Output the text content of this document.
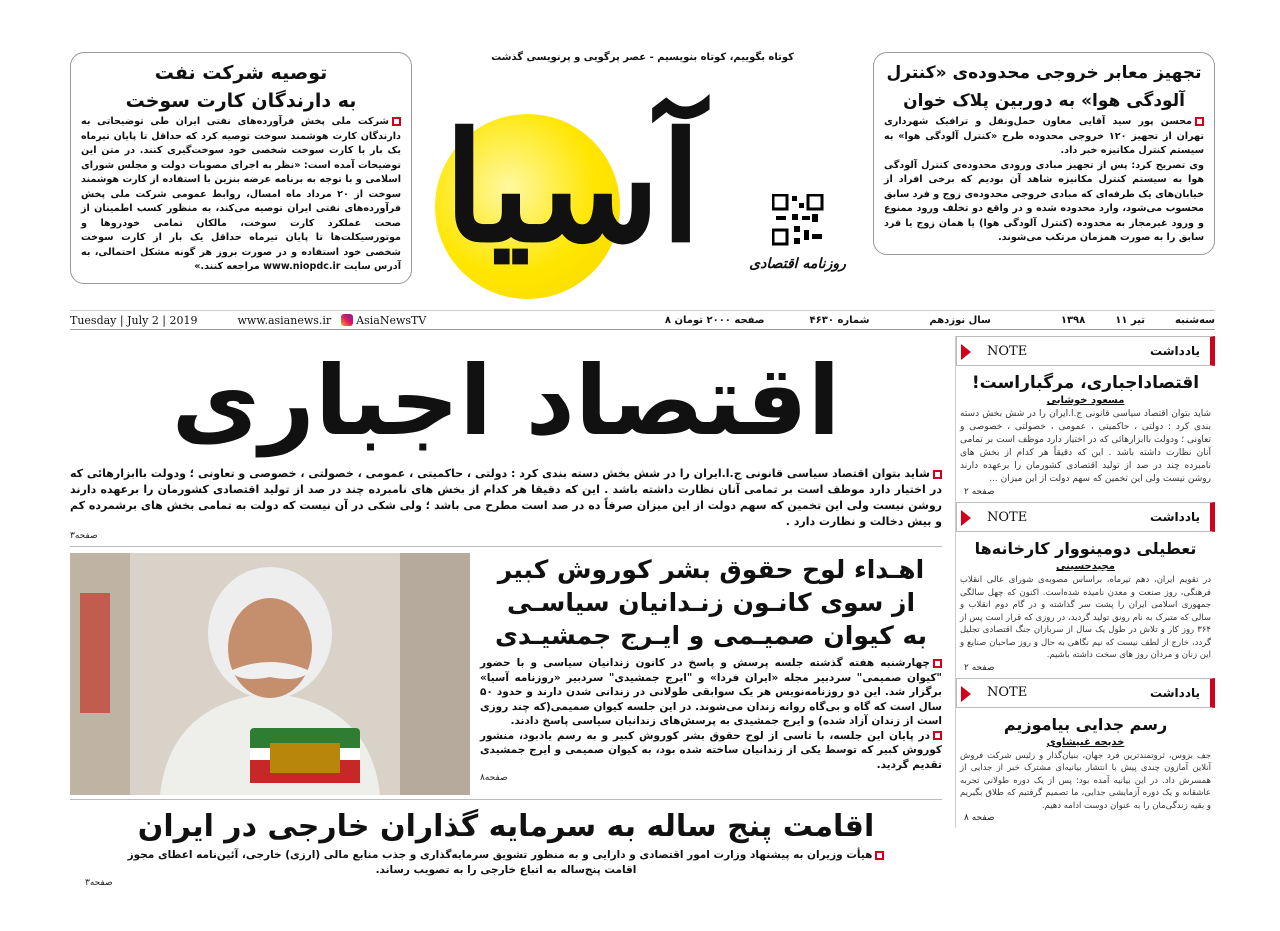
توصیه شرکت نفت
به دارندگان کارت سوخت

شرکت ملی پخش فرآورده‌های نفتی ایران طی توضیحاتی به دارندگان کارت هوشمند سوخت توصیه کرد که حداقل تا پایان تیرماه یک بار با کارت سوخت شخصی خود سوخت‌گیری کنند. در متن این توضیحات آمده است: «نظر به اجرای مصوبات دولت و مجلس شورای اسلامی و با توجه به برنامه عرضه بنزین با استفاده از کارت هوشمند سوخت از ۲۰ مرداد ماه امسال، روابط عمومی شرکت ملی پخش فرآورده‌های نفتی ایران توصیه می‌کند، به منظور کسب اطمینان از صحت عملکرد کارت سوخت، مالکان تمامی خودروها و موتورسیکلت‌ها تا پایان تیرماه حداقل یک بار از کارت سوخت شخصی خود استفاده و در صورت بروز هر گونه مشکل احتمالی، به آدرس سایت www.niopdc.ir مراجعه کنند.»

کوتاه بگوییم، کوتاه بنویسیم - عصر پرگویی و پرنویسی گذشت
آسیا	روزنامه اقتصادی
تجهیز معابر خروجی محدوده‌ی «کنترل
آلودگی هوا» به دوربین پلاک خوان

محسن پور سید آقایی معاون حمل‌ونقل و ترافیک شهرداری تهران از تجهیز ۱۲۰ خروجی محدوده طرح «کنترل آلودگی هوا» به سیستم کنترل مکانیزه خبر داد.

وی تصریح کرد: پس از تجهیز مبادی ورودی محدوده‌ی کنترل آلودگی هوا به سیستم کنترل مکانیزه شاهد آن بودیم که برخی افراد از خیابان‌های یک طرفه‌ای که مبادی خروجی محدوده‌ی زوج و فرد سابق محسوب می‌شود، وارد محدوده شده و در واقع دو تخلف ورود ممنوع و ورود غیرمجاز به محدوده (کنترل آلودگی هوا) یا همان زوج یا فرد سابق را به صورت همزمان مرتکب می‌شوند.

Tuesday | July 2 | 2019	www.asianews.ir AsiaNewsTV	۸ صفحه ۲۰۰۰ تومان	شماره ۴۶۳۰	سال نوزدهم	۱۳۹۸	۱۱ تیر	سه‌شنبه
اقتصاد اجباری
شاید بتوان اقتصاد سیاسی قانونی ج.ا.ایران را در شش بخش دسته بندی کرد : دولتی ، حاکمیتی ، عمومی ، خصولتی ، خصوصی و تعاونی ؛ ودولت باابزارهائی که در اختیار دارد موظف است بر تمامی آنان نظارت داشته باشد . این که دقیقا هر کدام از بخش های نامبرده چند در صد از تولید اقتصادی کشورمان را برعهده دارند روشن نیست ولی این تخمین که سهم دولت از این میزان صرفاً ده در صد است مطرح می باشد ؛ ولی شکی در آن نیست که دولت به تمامی بخش های برشمرده کم و بیش دخالت و نظارت دارد .
صفحه۳
اهـداء لوح حقوق بشر کوروش کبیر
از سوی کانـون زنـدانیان سیاسـی
به کیوان صمیـمی و ایـرج جمشیـدی

چهارشنبه هفته گذشته جلسه پرسش و پاسخ در کانون زندانیان سیاسی و با حضور "کیوان صمیمی" سردبیر مجله «ایران فردا» و "ایرج جمشیدی" سردبیر «روزنامه آسیا» برگزار شد. این دو روزنامه‌نویس هر یک سوابقی طولانی در زندانی شدن دارند و حدود ۵۰ سال است که گاه و بی‌گاه روانه زندان می‌شوند. در این جلسه کیوان صمیمی(که چند روزی است از زندان آزاد شده) و ایرج جمشیدی به پرسش‌های زندانیان سیاسی پاسخ دادند.

در پایان این جلسه، با تاسی از لوح حقوق بشر کوروش کبیر و به رسم یادبود، منشور کوروش کبیر که توسط یکی از زندانیان ساخته شده بود، به کیوان صمیمی و ایرج جمشیدی تقدیم گردید.

صفحه۸
اقامت پنج ساله به سرمایه گذاران خارجی در ایران
هیأت وزیران به پیشنهاد وزارت امور اقتصادی و دارایی و به منظور تشویق سرمایه‌گذاری و جذب منابع مالی (ارزی) خارجی، آئین‌نامه اعطای مجوز اقامت پنج‌ساله به اتباع خارجی را به تصویب رساند.
صفحه۳
NOTE	یادداشت
اقتصاداجباری، مرگباراست!
مسعود خوشابی
شاید بتوان اقتصاد سیاسی قانونی ج.ا.ایران را در شش بخش دسته بندی کرد : دولتی ، حاکمیتی ، عمومی ، خصولتی ، خصوصی و تعاونی ؛ ودولت باابزارهائی که در اختیار دارد موظف است بر تمامی آنان نظارت داشته باشد . این که دقیقاً هر کدام از بخش های نامبرده چند در صد از تولید اقتصادی کشورمان را برعهده دارند روشن نیست ولی این تخمین که سهم دولت از این میزان ...
صفحه ۲
NOTE	یادداشت
تعطیلی دومینووار کارخانه‌ها
مجیدحسینی
در تقویم ایران، دهم تیرماه، براساس مصوبه‌ی شورای عالی انقلاب فرهنگی، روز صنعت و معدن نامیده شده‌است. اکنون که چهل سالگی جمهوری اسلامی ایران را پشت سر گذاشته و در گام دوم انقلاب و سالی که متبرک به نام رونق تولید گردید، در روزی که قرار است پس از ۳۶۴ روز کار و تلاش در طول یک سال از سربازان جنگ اقتصادی تجلیل گردد، خارج از لطف نیست که نیم نگاهی به حال و روز صاحبان صنایع و این زنان و مردان روز های سخت داشته باشیم.
صفحه ۲
NOTE	یادداشت
رسم جدایی بیاموزیم
خدیجه غبیشاوی
جف بزوس، ثروتمندترین فرد جهان، بنیان‌گذار و رئیس شرکت فروش آنلاین آمازون چندی پیش با انتشار بیانیه‌ای مشترک خبر از جدایی از همسرش داد. در این بیانیه آمده بود: پس از یک دوره طولانی تجربه عاشقانه و یک دوره آزمایشی جدایی، ما تصمیم گرفتیم که طلاق بگیریم و بقیه زندگی‌مان را به عنوان دوست ادامه دهیم.
صفحه ۸
